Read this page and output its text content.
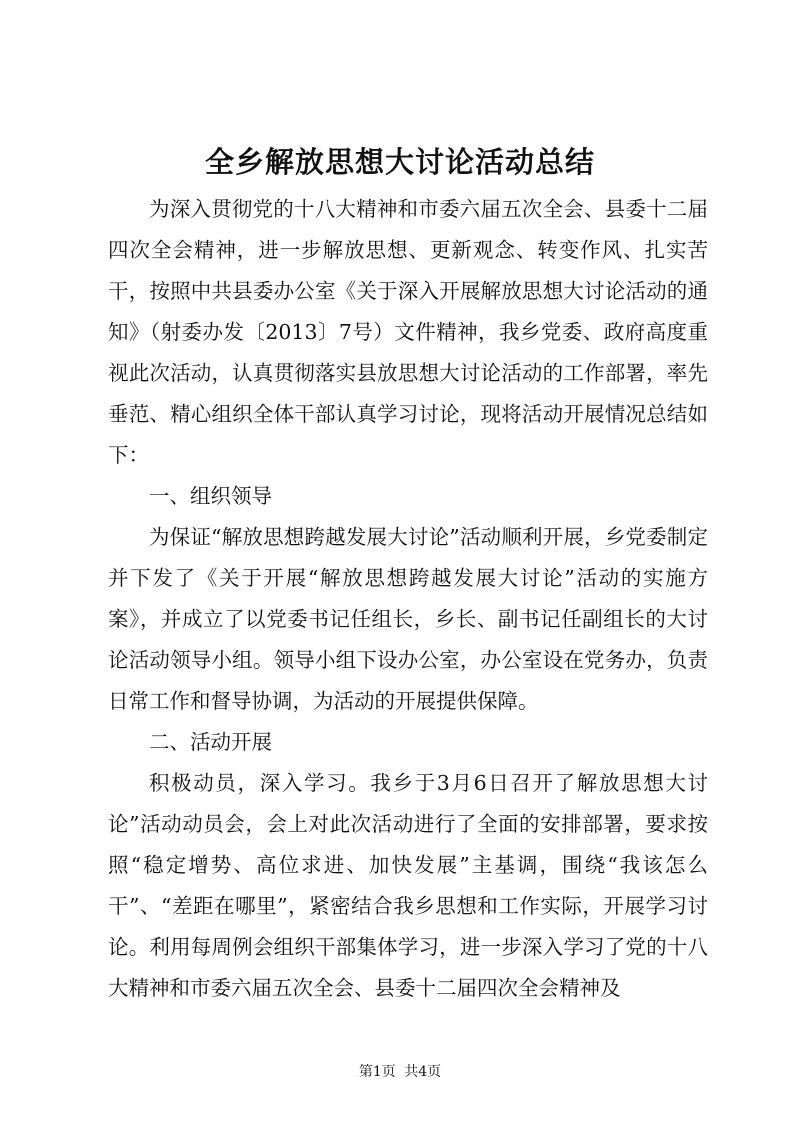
全乡解放思想大讨论活动总结

为深入贯彻党的十八大精神和市委六届五次全会、县委十二届四次全会精神，进一步解放思想、更新观念、转变作风、扎实苦干，按照中共县委办公室《关于深入开展解放思想大讨论活动的通知》（射委办发〔2013〕7号）文件精神，我乡党委、政府高度重视此次活动，认真贯彻落实县放思想大讨论活动的工作部署，率先垂范、精心组织全体干部认真学习讨论，现将活动开展情况总结如下：

一、组织领导

为保证“解放思想跨越发展大讨论”活动顺利开展，乡党委制定并下发了《关于开展“解放思想跨越发展大讨论”活动的实施方案》，并成立了以党委书记任组长，乡长、副书记任副组长的大讨论活动领导小组。领导小组下设办公室，办公室设在党务办，负责日常工作和督导协调，为活动的开展提供保障。

二、活动开展

积极动员，深入学习。我乡于3月6日召开了解放思想大讨论”活动动员会，会上对此次活动进行了全面的安排部署，要求按照“稳定增势、高位求进、加快发展”主基调，围绕“我该怎么干”、“差距在哪里”，紧密结合我乡思想和工作实际，开展学习讨论。利用每周例会组织干部集体学习，进一步深入学习了党的十八大精神和市委六届五次全会、县委十二届四次全会精神及

第1页 共4页
